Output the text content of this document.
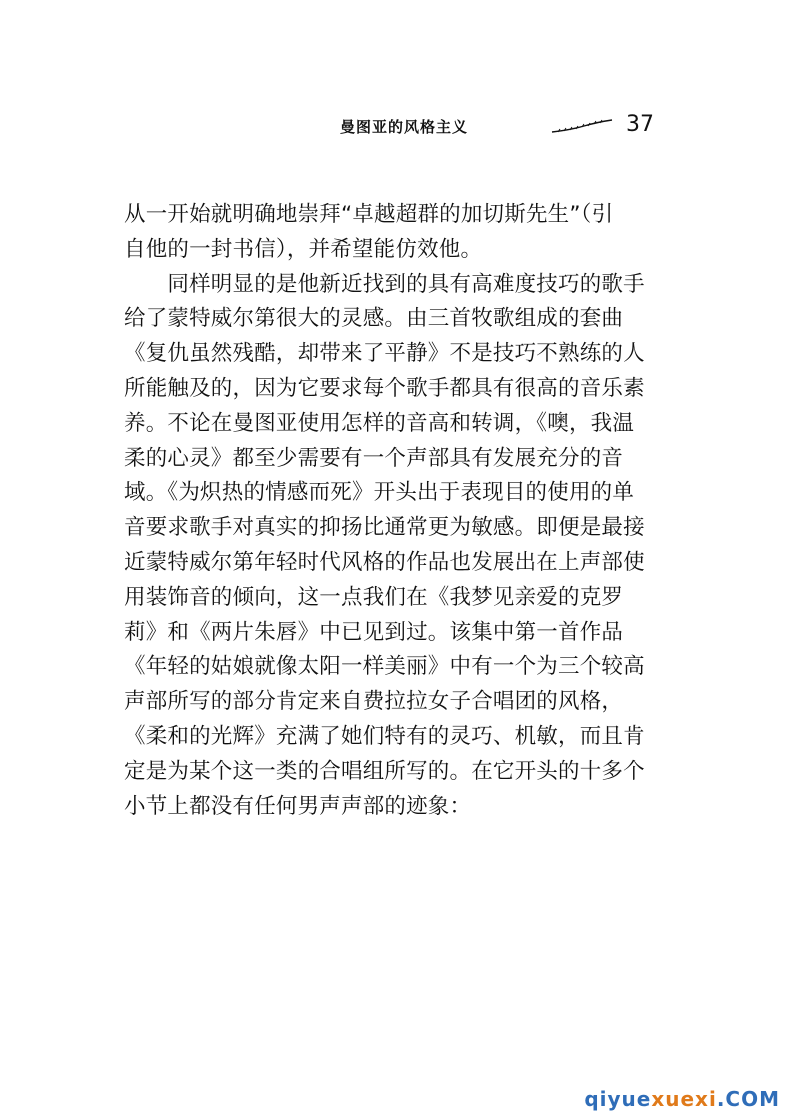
曼图亚的风格主义	37
从一开始就明确地崇拜“卓越超群的加切斯先生”（引
自他的一封书信），并希望能仿效他。
　　同样明显的是他新近找到的具有高难度技巧的歌手
给了蒙特威尔第很大的灵感。由三首牧歌组成的套曲
《复仇虽然残酷，却带来了平静》不是技巧不熟练的人
所能触及的，因为它要求每个歌手都具有很高的音乐素
养。不论在曼图亚使用怎样的音高和转调，《噢，我温
柔的心灵》都至少需要有一个声部具有发展充分的音
域。《为炽热的情感而死》开头出于表现目的使用的单
音要求歌手对真实的抑扬比通常更为敏感。即便是最接
近蒙特威尔第年轻时代风格的作品也发展出在上声部使
用装饰音的倾向，这一点我们在《我梦见亲爱的克罗
莉》和《两片朱唇》中已见到过。该集中第一首作品
《年轻的姑娘就像太阳一样美丽》中有一个为三个较高
声部所写的部分肯定来自费拉拉女子合唱团的风格，
《柔和的光辉》充满了她们特有的灵巧、机敏，而且肯
定是为某个这一类的合唱组所写的。在它开头的十多个
小节上都没有任何男声声部的迹象：
qiyuexuexi.COM
